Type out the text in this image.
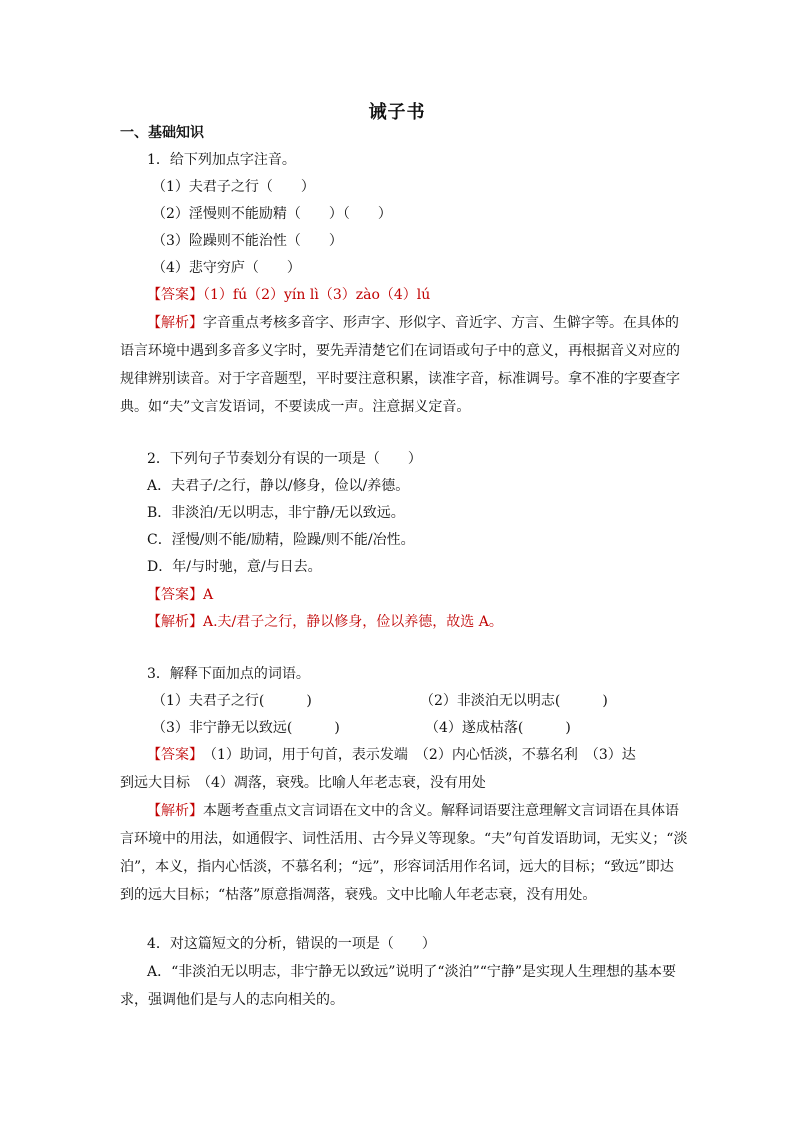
诫子书
一、基础知识
1．给下列加点字注音。
（1）夫君子之行（　　）
（2）淫慢则不能励精（　　）（　　）
（3）险躁则不能治性（　　）
（4）悲守穷庐（　　）
【答案】（1）fú（2）yín lì（3）zào（4）lú
【解析】字音重点考核多音字、形声字、形似字、音近字、方言、生僻字等。在具体的
语言环境中遇到多音多义字时，要先弄清楚它们在词语或句子中的意义，再根据音义对应的
规律辨别读音。对于字音题型，平时要注意积累，读准字音，标准调号。拿不准的字要查字
典。如“夫”文言发语词，不要读成一声。注意据义定音。
2．下列句子节奏划分有误的一项是（　　）
A．夫君子/之行，静以/修身，俭以/养德。
B．非淡泊/无以明志，非宁静/无以致远。
C．淫慢/则不能/励精，险躁/则不能/冶性。
D．年/与时驰，意/与日去。
【答案】A
【解析】A.夫/君子之行，静以修身，俭以养德，故选 A。
3．解释下面加点的词语。
（1）夫君子之行(　　　)	（2）非淡泊无以明志(　　　)
（3）非宁静无以致远(　　　)	（4）遂成枯落(　　　)
【答案】　（1）助词，用于句首，表示发端　（2）内心恬淡，不慕名利　（3）达
到远大目标　（4）凋落，衰残。比喻人年老志衰，没有用处
【解析】本题考查重点文言词语在文中的含义。解释词语要注意理解文言词语在具体语
言环境中的用法，如通假字、词性活用、古今异义等现象。“夫”句首发语助词，无实义；“淡
泊”，本义，指内心恬淡，不慕名利；“远”，形容词活用作名词，远大的目标；“致远”即达
到的远大目标；“枯落”原意指凋落，衰残。文中比喻人年老志衰，没有用处。
4．对这篇短文的分析，错误的一项是（　　）
A．“非淡泊无以明志，非宁静无以致远”说明了“淡泊”“宁静”是实现人生理想的基本要
求，强调他们是与人的志向相关的。
